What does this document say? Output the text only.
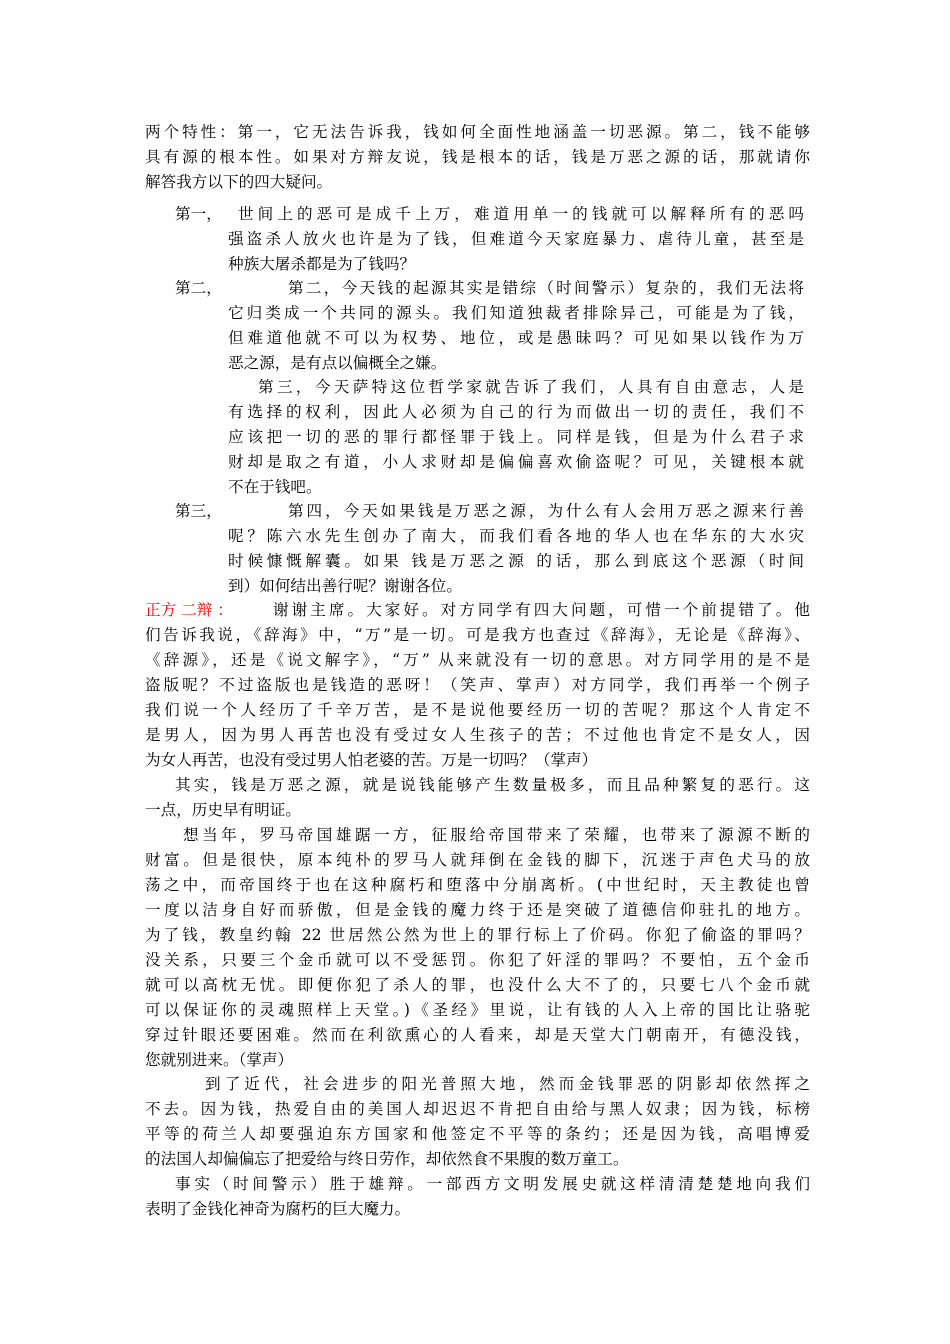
两个特性：第一，它无法告诉我，钱如何全面性地涵盖一切恶源。第二，钱不能够
具有源的根本性。如果对方辩友说，钱是根本的话，钱是万恶之源的话，那就请你
解答我方以下的四大疑问。
第一， 世间上的恶可是成千上万，难道用单一的钱就可以解释所有的恶吗
强盗杀人放火也许是为了钱，但难道今天家庭暴力、虐待儿童，甚至是
种族大屠杀都是为了钱吗？
第二，	第二，今天钱的起源其实是错综（时间警示）复杂的，我们无法将
它归类成一个共同的源头。我们知道独裁者排除异己，可能是为了钱，
但难道他就不可以为权势、地位，或是愚昧吗？可见如果以钱作为万
恶之源，是有点以偏概全之嫌。
第三，今天萨特这位哲学家就告诉了我们，人具有自由意志，人是
有选择的权利，因此人必须为自己的行为而做出一切的责任，我们不
应该把一切的恶的罪行都怪罪于钱上。同样是钱，但是为什么君子求
财却是取之有道，小人求财却是偏偏喜欢偷盗呢？可见，关键根本就
不在于钱吧。
第三，	第四，今天如果钱是万恶之源，为什么有人会用万恶之源来行善
呢？陈六水先生创办了南大，而我们看各地的华人也在华东的大水灾
时候慷慨解囊。如果 钱是万恶之源 的话，那么到底这个恶源（时间
到）如何结出善行呢？谢谢各位。
正方 二辩 ：	谢谢主席。大家好。对方同学有四大问题，可惜一个前提错了。他
们告诉我说，《辞海》中，“万”是一切。可是我方也查过《辞海》，无论是《辞海》、
《辞源》，还是《说文解字》，“万” 从来就没有一切的意思。对方同学用的是不是
盗版呢？不过盗版也是钱造的恶呀！（笑声、掌声）对方同学，我们再举一个例子
我们说一个人经历了千辛万苦，是不是说他要经历一切的苦呢？那这个人肯定不
是男人，因为男人再苦也没有受过女人生孩子的苦；不过他也肯定不是女人，因
为女人再苦，也没有受过男人怕老婆的苦。万是一切吗？（掌声）
其实，钱是万恶之源，就是说钱能够产生数量极多，而且品种繁复的恶行。这
一点，历史早有明证。
想当年，罗马帝国雄踞一方，征服给帝国带来了荣耀，也带来了源源不断的
财富。但是很快，原本纯朴的罗马人就拜倒在金钱的脚下，沉迷于声色犬马的放
荡之中，而帝国终于也在这种腐朽和堕落中分崩离析。(中世纪时，天主教徒也曾
一度以洁身自好而骄傲，但是金钱的魔力终于还是突破了道德信仰驻扎的地方。
为了钱，教皇约翰 22 世居然公然为世上的罪行标上了价码。你犯了偷盗的罪吗？
没关系，只要三个金币就可以不受惩罚。你犯了奸淫的罪吗？不要怕，五个金币
就可以高枕无忧。即便你犯了杀人的罪，也没什么大不了的，只要七八个金币就
可以保证你的灵魂照样上天堂。)《圣经》里说，让有钱的人入上帝的国比让骆驼
穿过针眼还要困难。然而在利欲熏心的人看来，却是天堂大门朝南开，有德没钱，
您就别进来。（掌声）
到了近代，社会进步的阳光普照大地，然而金钱罪恶的阴影却依然挥之
不去。因为钱，热爱自由的美国人却迟迟不肯把自由给与黑人奴隶；因为钱，标榜
平等的荷兰人却要强迫东方国家和他签定不平等的条约；还是因为钱，高唱博爱
的法国人却偏偏忘了把爱给与终日劳作，却依然食不果腹的数万童工。
事实（时间警示）胜于雄辩。一部西方文明发展史就这样清清楚楚地向我们
表明了金钱化神奇为腐朽的巨大魔力。
